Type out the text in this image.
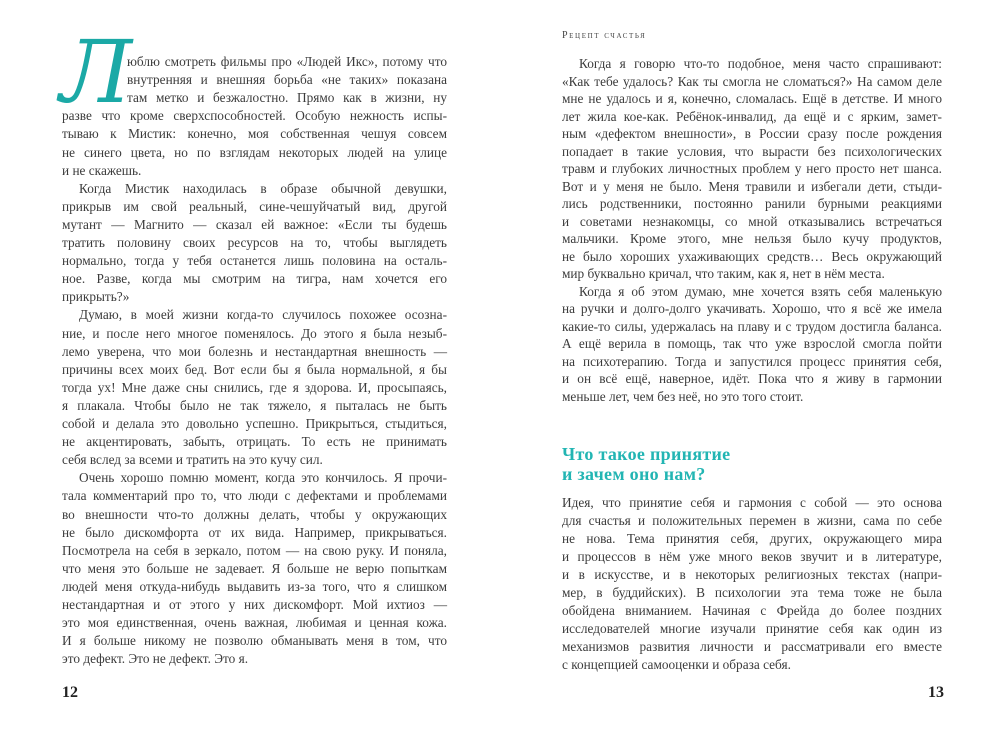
Л
юблю смотреть фильмы про «Людей Икс», потому что
внутренняя и внешняя борьба «не таких» показана
там метко и безжалостно. Прямо как в жизни, ну
разве что кроме сверхспособностей. Особую нежность испы-
тываю к Мистик: конечно, моя собственная чешуя совсем
не синего цвета, но по взглядам некоторых людей на улице
и не скажешь.
Когда Мистик находилась в образе обычной девушки,
прикрыв им свой реальный, сине-чешуйчатый вид, другой
мутант — Магнито — сказал ей важное: «Если ты будешь
тратить половину своих ресурсов на то, чтобы выглядеть
нормально, тогда у тебя останется лишь половина на осталь-
ное. Разве, когда мы смотрим на тигра, нам хочется его
прикрыть?»
Думаю, в моей жизни когда-то случилось похожее осозна-
ние, и после него многое поменялось. До этого я была незыб-
лемо уверена, что мои болезнь и нестандартная внешность —
причины всех моих бед. Вот если бы я была нормальной, я бы
тогда ух! Мне даже сны снились, где я здорова. И, просыпаясь,
я плакала. Чтобы было не так тяжело, я пыталась не быть
собой и делала это довольно успешно. Прикрыться, стыдиться,
не акцентировать, забыть, отрицать. То есть не принимать
себя вслед за всеми и тратить на это кучу сил.
Очень хорошо помню момент, когда это кончилось. Я прочи-
тала комментарий про то, что люди с дефектами и проблемами
во внешности что-то должны делать, чтобы у окружающих
не было дискомфорта от их вида. Например, прикрываться.
Посмотрела на себя в зеркало, потом — на свою руку. И поняла,
что меня это больше не задевает. Я больше не верю попыткам
людей меня откуда-нибудь выдавить из-за того, что я слишком
нестандартная и от этого у них дискомфорт. Мой ихтиоз —
это моя единственная, очень важная, любимая и ценная кожа.
И я больше никому не позволю обманывать меня в том, что
это дефект. Это не дефект. Это я.
12
Рецепт счастья
Когда я говорю что-то подобное, меня часто спрашивают:
«Как тебе удалось? Как ты смогла не сломаться?» На самом деле
мне не удалось и я, конечно, сломалась. Ещё в детстве. И много
лет жила кое-как. Ребёнок-инвалид, да ещё и с ярким, замет-
ным «дефектом внешности», в России сразу после рождения
попадает в такие условия, что вырасти без психологических
травм и глубоких личностных проблем у него просто нет шанса.
Вот и у меня не было. Меня травили и избегали дети, стыди-
лись родственники, постоянно ранили бурными реакциями
и советами незнакомцы, со мной отказывались встречаться
мальчики. Кроме этого, мне нельзя было кучу продуктов,
не было хороших ухаживающих средств… Весь окружающий
мир буквально кричал, что таким, как я, нет в нём места.
Когда я об этом думаю, мне хочется взять себя маленькую
на ручки и долго-долго укачивать. Хорошо, что я всё же имела
какие-то силы, удержалась на плаву и с трудом достигла баланса.
А ещё верила в помощь, так что уже взрослой смогла пойти
на психотерапию. Тогда и запустился процесс принятия себя,
и он всё ещё, наверное, идёт. Пока что я живу в гармонии
меньше лет, чем без неё, но это того стоит.
Что такое принятие
и зачем оно нам?
Идея, что принятие себя и гармония с собой — это основа
для счастья и положительных перемен в жизни, сама по себе
не нова. Тема принятия себя, других, окружающего мира
и процессов в нём уже много веков звучит и в литературе,
и в искусстве, и в некоторых религиозных текстах (напри-
мер, в буддийских). В психологии эта тема тоже не была
обойдена вниманием. Начиная с Фрейда до более поздних
исследователей многие изучали принятие себя как один из
механизмов развития личности и рассматривали его вместе
с концепцией самооценки и образа себя.
13
